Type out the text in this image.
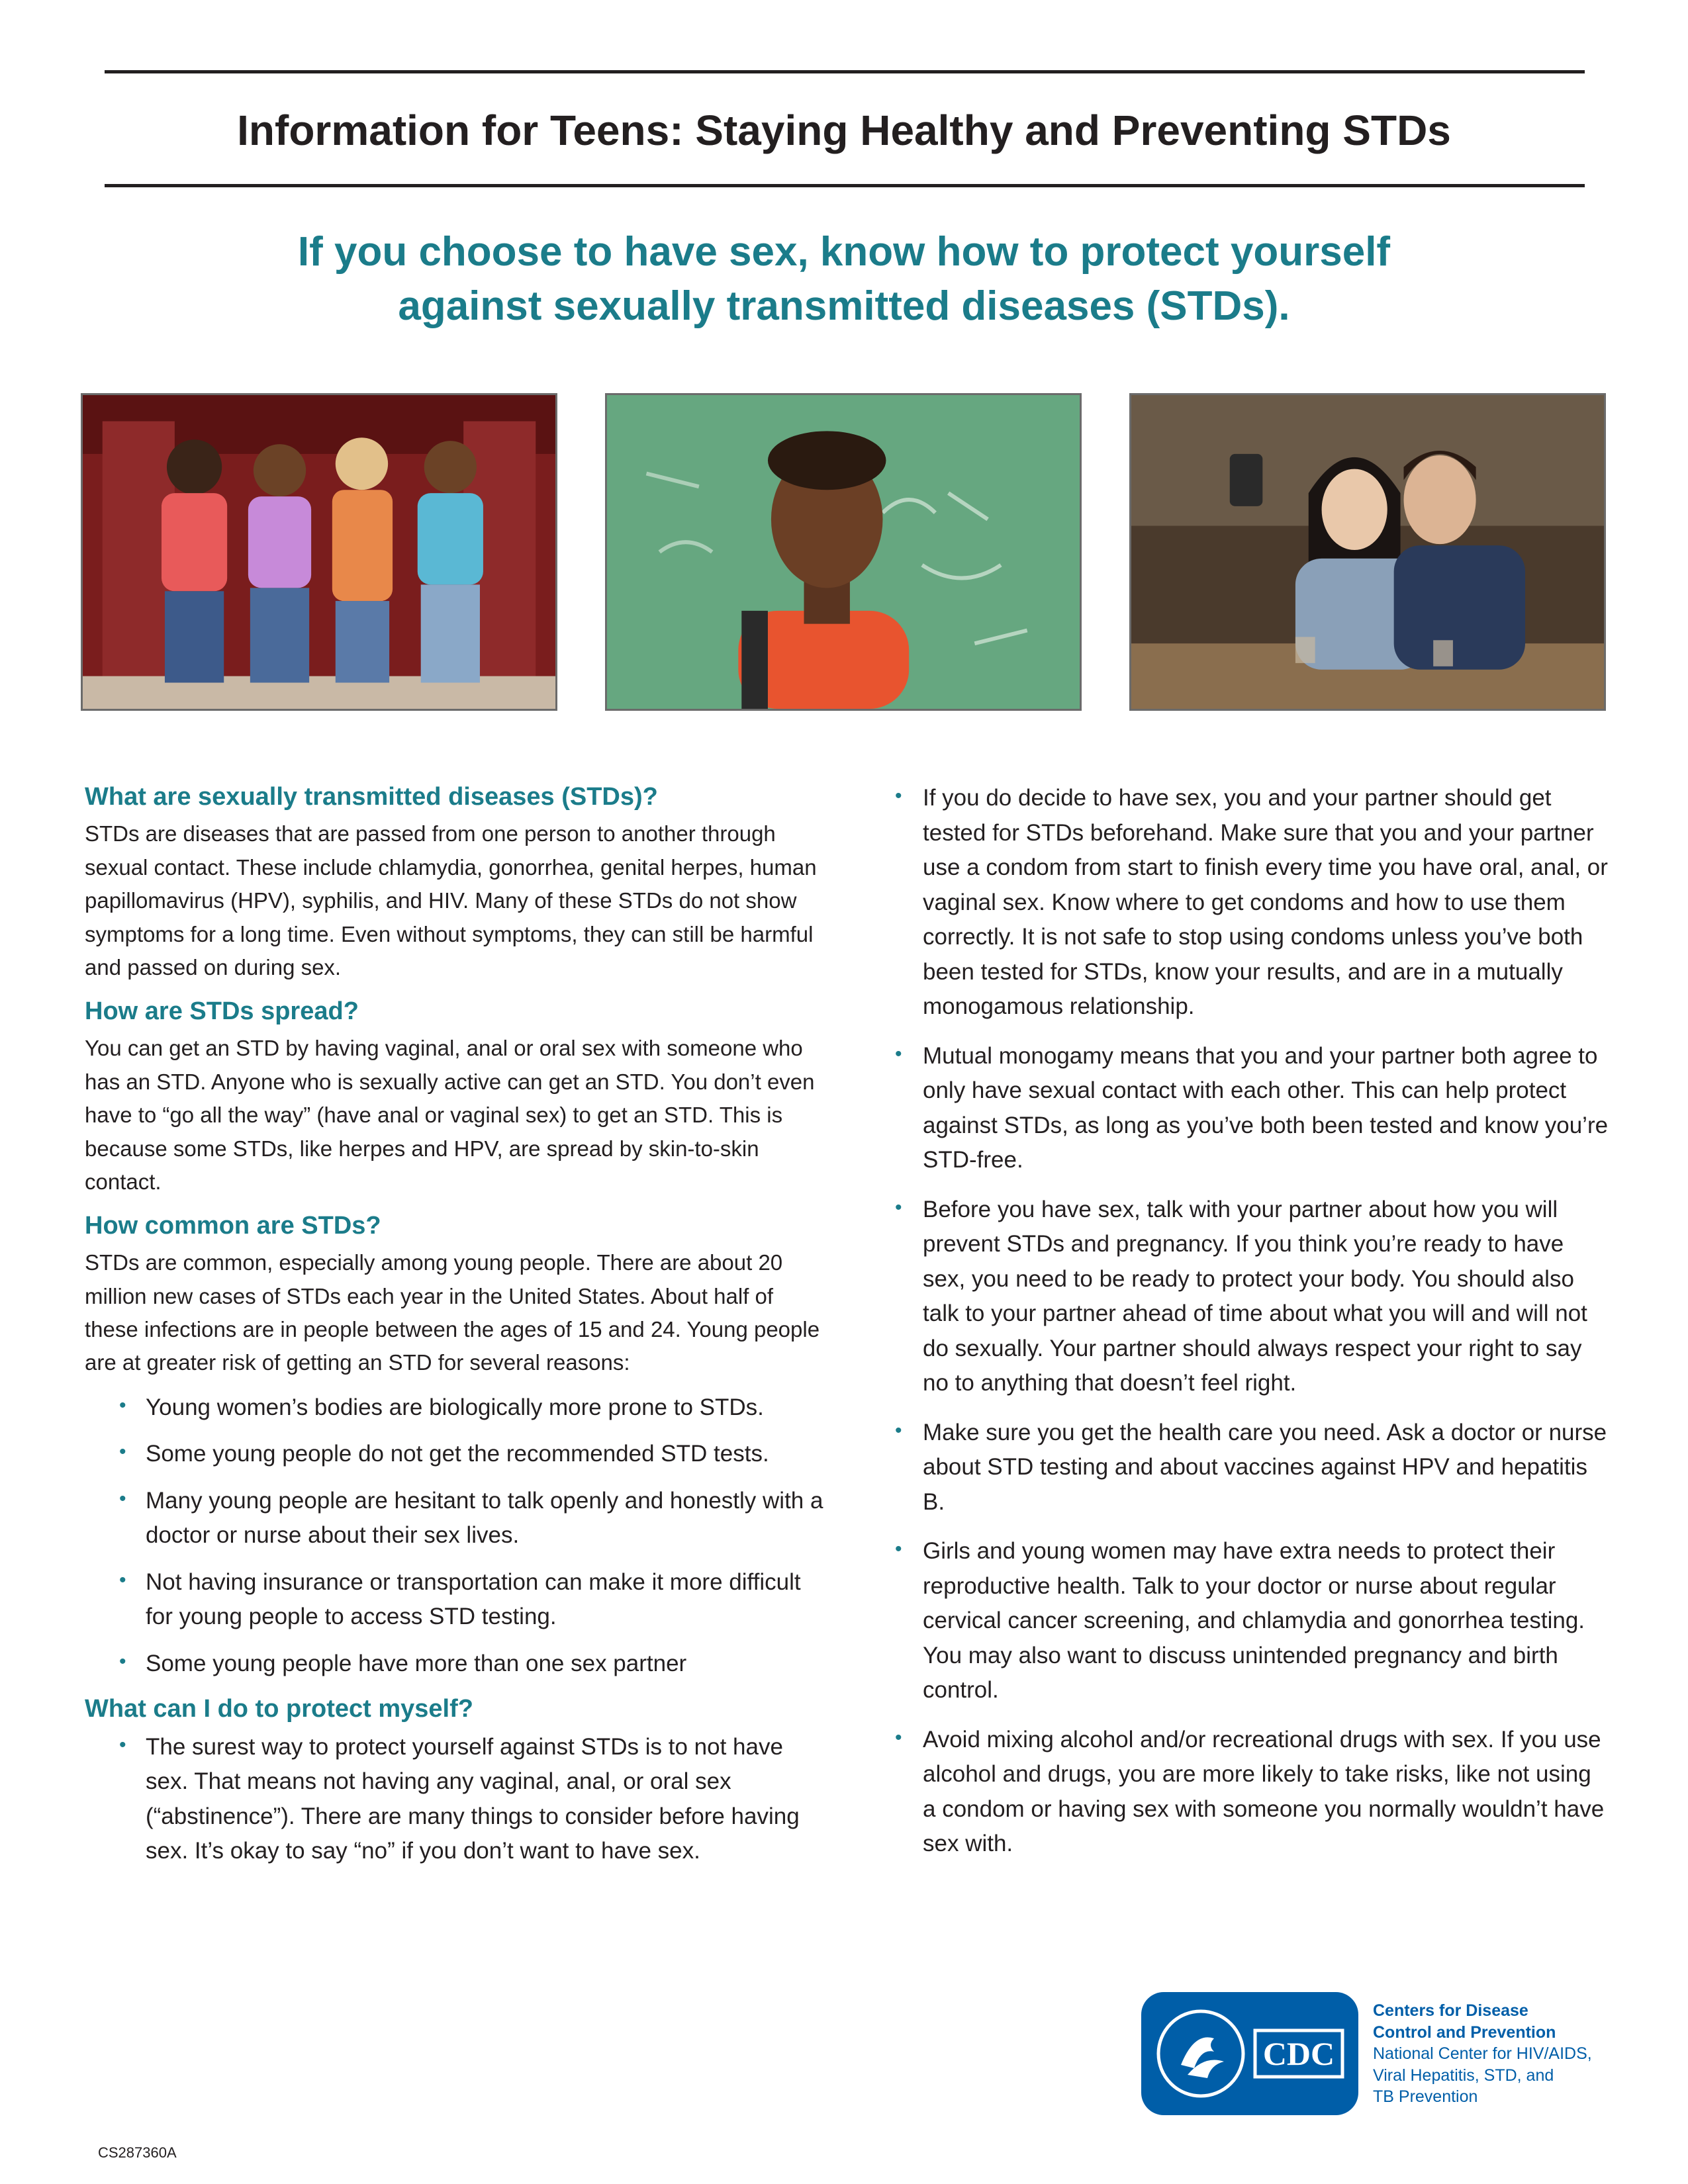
Information for Teens: Staying Healthy and Preventing STDs
If you choose to have sex, know how to protect yourself
against sexually transmitted diseases (STDs).
What are sexually transmitted diseases (STDs)?

STDs are diseases that are passed from one person to another through sexual contact. These include chlamydia, gonorrhea, genital herpes, human papillomavirus (HPV), syphilis, and HIV. Many of these STDs do not show symptoms for a long time. Even without symptoms, they can still be harmful and passed on during sex.

How are STDs spread?

You can get an STD by having vaginal, anal or oral sex with someone who has an STD. Anyone who is sexually active can get an STD. You don’t even have to “go all the way” (have anal or vaginal sex) to get an STD. This is because some STDs, like herpes and HPV, are spread by skin-to-skin contact.

How common are STDs?

STDs are common, especially among young people. There are about 20 million new cases of STDs each year in the United States. About half of these infections are in people between the ages of 15 and 24. Young people are at greater risk of getting an STD for several reasons:

• Young women’s bodies are biologically more prone to STDs.
• Some young people do not get the recommended STD tests.
• Many young people are hesitant to talk openly and honestly with a doctor or nurse about their sex lives.
• Not having insurance or transportation can make it more difficult for young people to access STD testing.
• Some young people have more than one sex partner
What can I do to protect myself?
• The surest way to protect yourself against STDs is to not have sex. That means not having any vaginal, anal, or oral sex (“abstinence”). There are many things to consider before having sex. It’s okay to say “no” if you don’t want to have sex.
• If you do decide to have sex, you and your partner should get tested for STDs beforehand. Make sure that you and your partner use a condom from start to finish every time you have oral, anal, or vaginal sex. Know where to get condoms and how to use them correctly. It is not safe to stop using condoms unless you’ve both been tested for STDs, know your results, and are in a mutually monogamous relationship.
• Mutual monogamy means that you and your partner both agree to only have sexual contact with each other. This can help protect against STDs, as long as you’ve both been tested and know you’re STD-free.
• Before you have sex, talk with your partner about how you will prevent STDs and pregnancy. If you think you’re ready to have sex, you need to be ready to protect your body. You should also talk to your partner ahead of time about what you will and will not do sexually. Your partner should always respect your right to say no to anything that doesn’t feel right.
• Make sure you get the health care you need. Ask a doctor or nurse about STD testing and about vaccines against HPV and hepatitis B.
• Girls and young women may have extra needs to protect their reproductive health. Talk to your doctor or nurse about regular cervical cancer screening, and chlamydia and gonorrhea testing. You may also want to discuss unintended pregnancy and birth control.
• Avoid mixing alcohol and/or recreational drugs with sex. If you use alcohol and drugs, you are more likely to take risks, like not using a condom or having sex with someone you normally wouldn’t have sex with.
CS287360A
CDC
Centers for Disease
Control and Prevention
National Center for HIV/AIDS,
Viral Hepatitis, STD, and
TB Prevention
